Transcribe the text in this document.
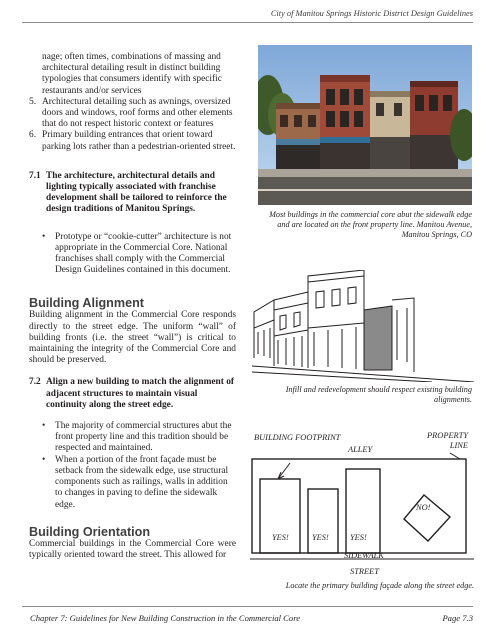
City of Manitou Springs Historic District Design Guidelines
nage; often times, combinations of massing and
architectural detailing result in distinct building
typologies that consumers identify with specific
restaurants and/or services
5. Architectural detailing such as awnings, oversized doors and windows, roof forms and other elements that do not respect historic context or features
6. Primary building entrances that orient toward parking lots rather than a pedestrian-oriented street.
7.1 The architecture, architectural details and lighting typically associated with franchise development shall be tailored to reinforce the design traditions of Manitou Springs.
•	Prototype or “cookie-cutter” architecture is not appropriate in the Commercial Core. National franchises shall comply with the Commercial Design Guidelines contained in this document.
Building Alignment
Building alignment in the Commercial Core responds directly to the street edge. The uniform “wall” of building fronts (i.e. the street “wall”) is critical to maintaining the integrity of the Commercial Core and should be preserved.
7.2 Align a new building to match the alignment of adjacent structures to maintain visual continuity along the street edge.
•	The majority of commercial structures abut the front property line and this tradition should be respected and maintained.
•	When a portion of the front façade must be setback from the sidewalk edge, use structural components such as railings, walls in addition to changes in paving to define the sidewalk edge.
Building Orientation
Commercial buildings in the Commercial Core were typically oriented toward the street. This allowed for
Most buildings in the commercial core abut the sidewalk edge and are located on the front property line. Manitou Avenue, Manitou Springs, CO
Infill and redevelopment should respect existing building alignments.
BUILDING FOOTPRINT
ALLEY
PROPERTY LINE
YES!	YES!	YES!
NO!
SIDEWALK
STREET
Locate the primary building façade along the street edge.
Chapter 7: Guidelines for New Building Construction in the Commercial Core	Page 7.3
